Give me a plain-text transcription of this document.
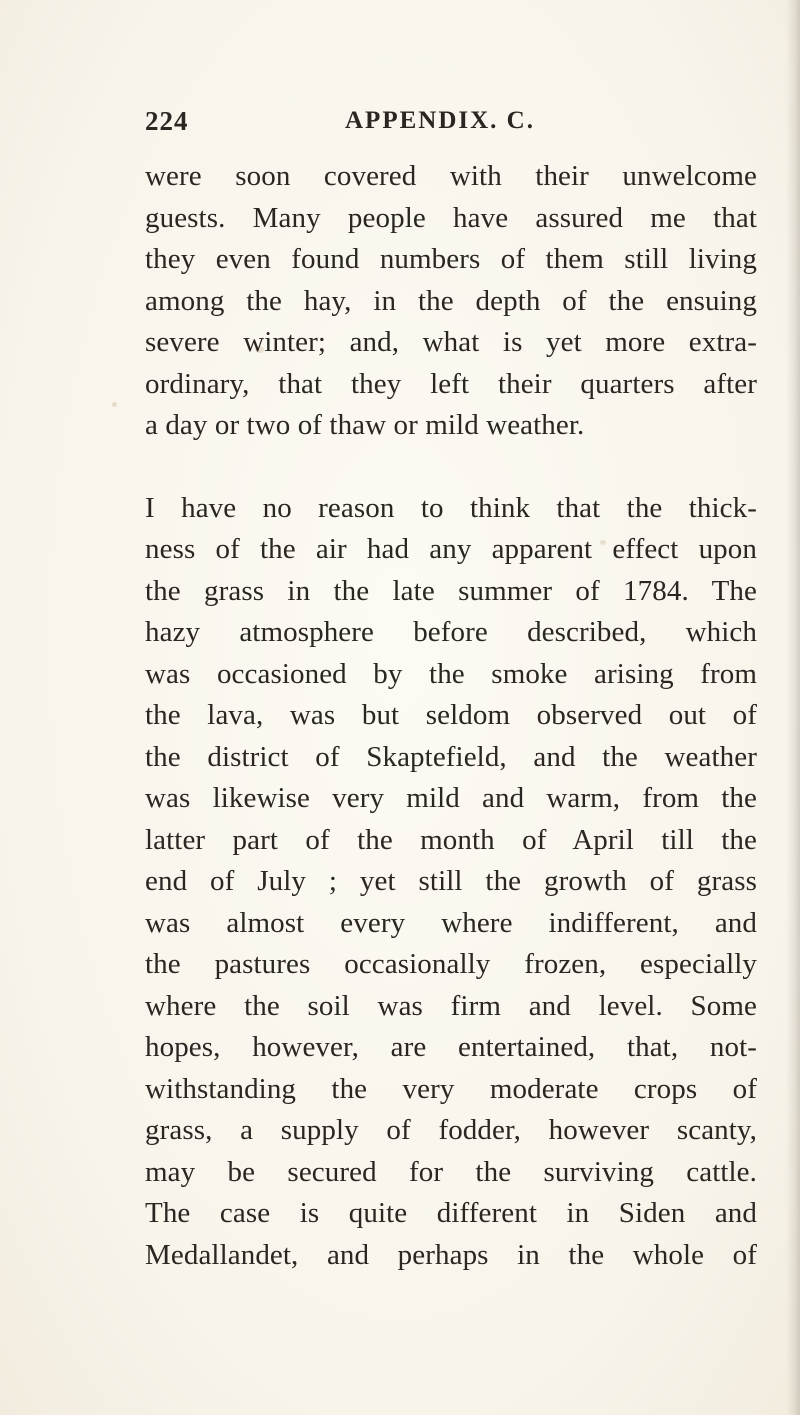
224	APPENDIX. C.
were soon covered with their unwelcome
guests. Many people have assured me that
they even found numbers of them still living
among the hay, in the depth of the ensuing
severe winter; and, what is yet more extra-
ordinary, that they left their quarters after
a day or two of thaw or mild weather.
I have no reason to think that the thick-
ness of the air had any apparent effect upon
the grass in the late summer of 1784. The
hazy atmosphere before described, which
was occasioned by the smoke arising from
the lava, was but seldom observed out of
the district of Skaptefield, and the weather
was likewise very mild and warm, from the
latter part of the month of April till the
end of July ; yet still the growth of grass
was almost every where indifferent, and
the pastures occasionally frozen, especially
where the soil was firm and level. Some
hopes, however, are entertained, that, not-
withstanding the very moderate crops of
grass, a supply of fodder, however scanty,
may be secured for the surviving cattle.
The case is quite different in Siden and
Medallandet, and perhaps in the whole of
